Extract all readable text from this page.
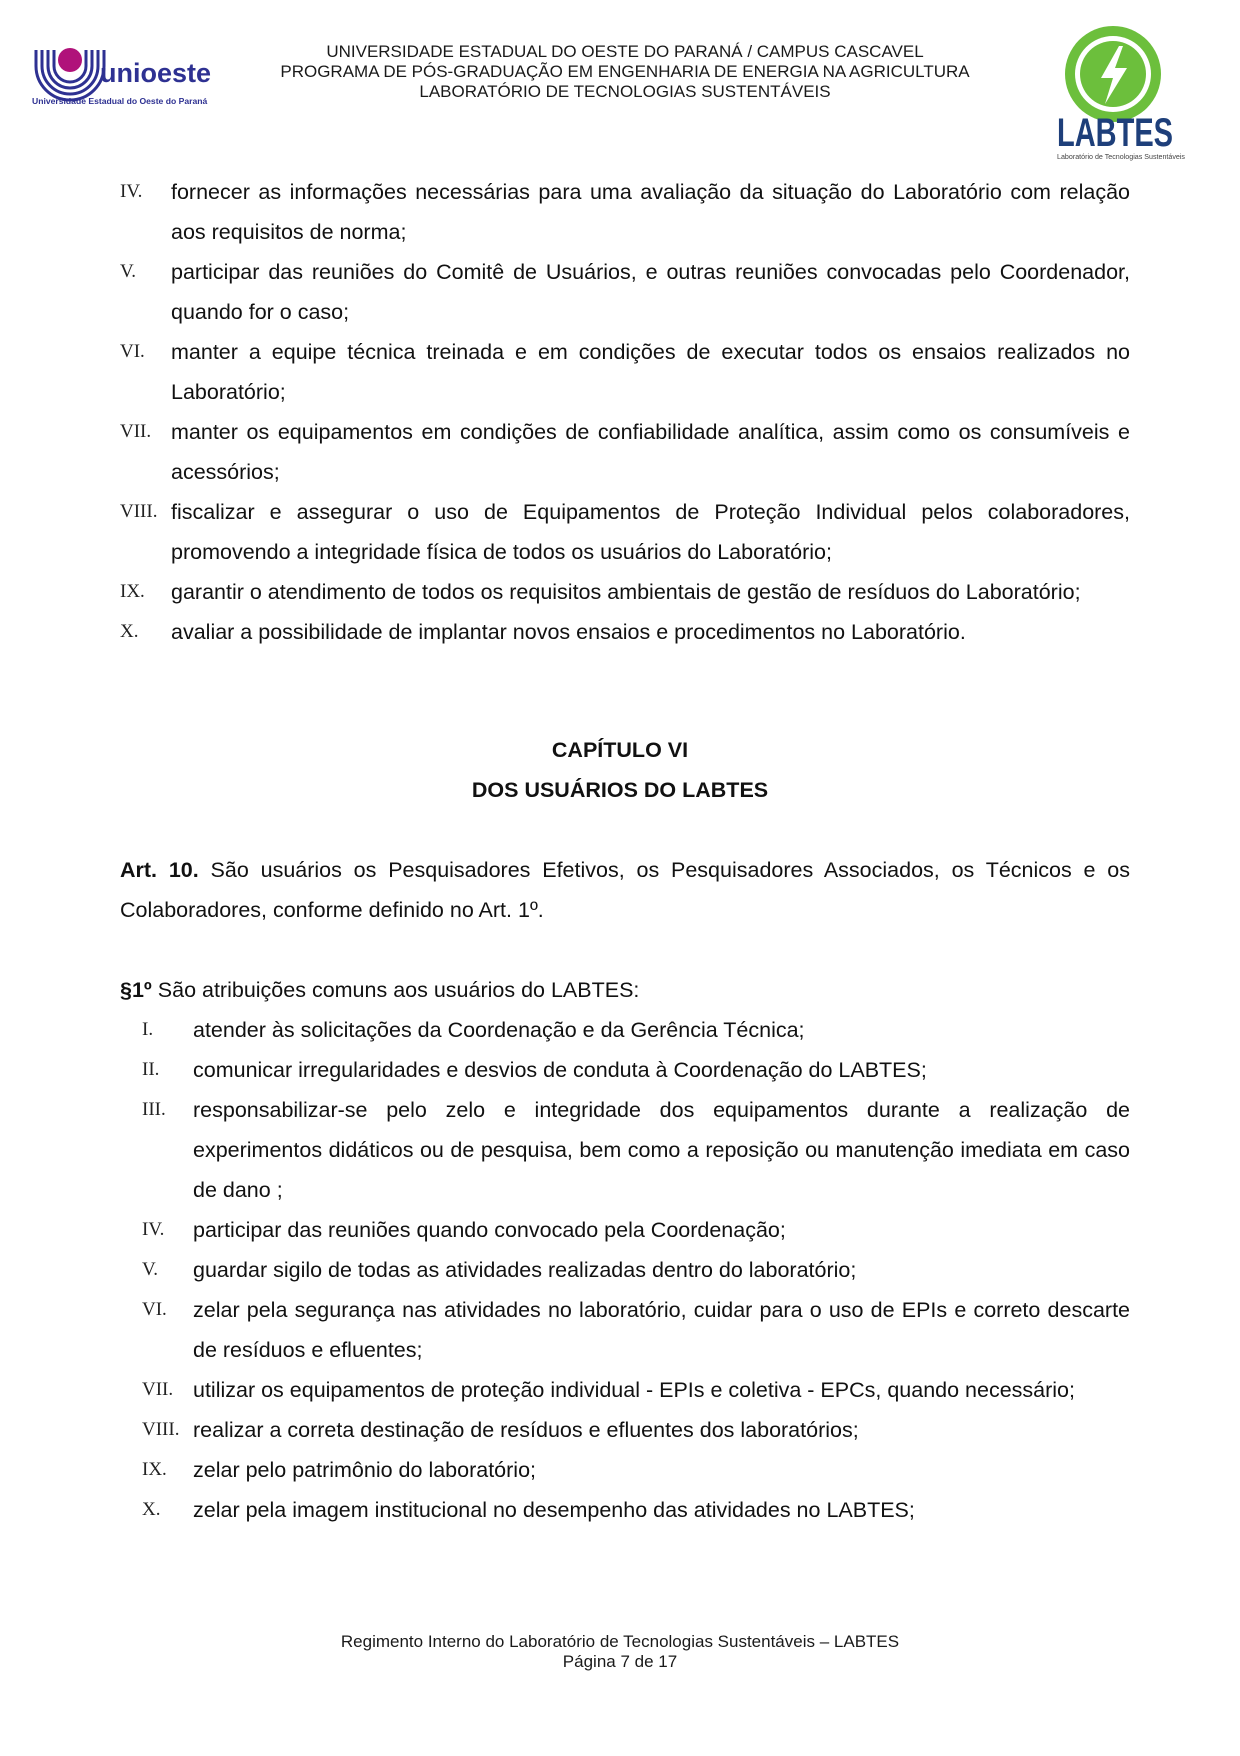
unioeste
Universidade Estadual do Oeste do Paraná
UNIVERSIDADE ESTADUAL DO OESTE DO PARANÁ / CAMPUS CASCAVEL
PROGRAMA DE PÓS-GRADUAÇÃO EM ENGENHARIA DE ENERGIA NA AGRICULTURA
LABORATÓRIO DE TECNOLOGIAS SUSTENTÁVEIS
LABTES
Laboratório de Tecnologias Sustentáveis
IV. fornecer as informações necessárias para uma avaliação da situação do Laboratório com relação aos requisitos de norma;
V. participar das reuniões do Comitê de Usuários, e outras reuniões convocadas pelo Coordenador, quando for o caso;
VI. manter a equipe técnica treinada e em condições de executar todos os ensaios realizados no Laboratório;
VII. manter os equipamentos em condições de confiabilidade analítica, assim como os consumíveis e acessórios;
VIII. fiscalizar e assegurar o uso de Equipamentos de Proteção Individual pelos colaboradores, promovendo a integridade física de todos os usuários do Laboratório;
IX. garantir o atendimento de todos os requisitos ambientais de gestão de resíduos do Laboratório;
X. avaliar a possibilidade de implantar novos ensaios e procedimentos no Laboratório.
CAPÍTULO VI
DOS USUÁRIOS DO LABTES
Art. 10. São usuários os Pesquisadores Efetivos, os Pesquisadores Associados, os Técnicos e os Colaboradores, conforme definido no Art. 1º.
§1º São atribuições comuns aos usuários do LABTES:
I. atender às solicitações da Coordenação e da Gerência Técnica;
II. comunicar irregularidades e desvios de conduta à Coordenação do LABTES;
III. responsabilizar-se pelo zelo e integridade dos equipamentos durante a realização de experimentos didáticos ou de pesquisa, bem como a reposição ou manutenção imediata em caso de dano ;
IV. participar das reuniões quando convocado pela Coordenação;
V. guardar sigilo de todas as atividades realizadas dentro do laboratório;
VI. zelar pela segurança nas atividades no laboratório, cuidar para o uso de EPIs e correto descarte de resíduos e efluentes;
VII. utilizar os equipamentos de proteção individual - EPIs e coletiva - EPCs, quando necessário;
VIII. realizar a correta destinação de resíduos e efluentes dos laboratórios;
IX. zelar pelo patrimônio do laboratório;
X. zelar pela imagem institucional no desempenho das atividades no LABTES;
Regimento Interno do Laboratório de Tecnologias Sustentáveis – LABTES
Página 7 de 17
